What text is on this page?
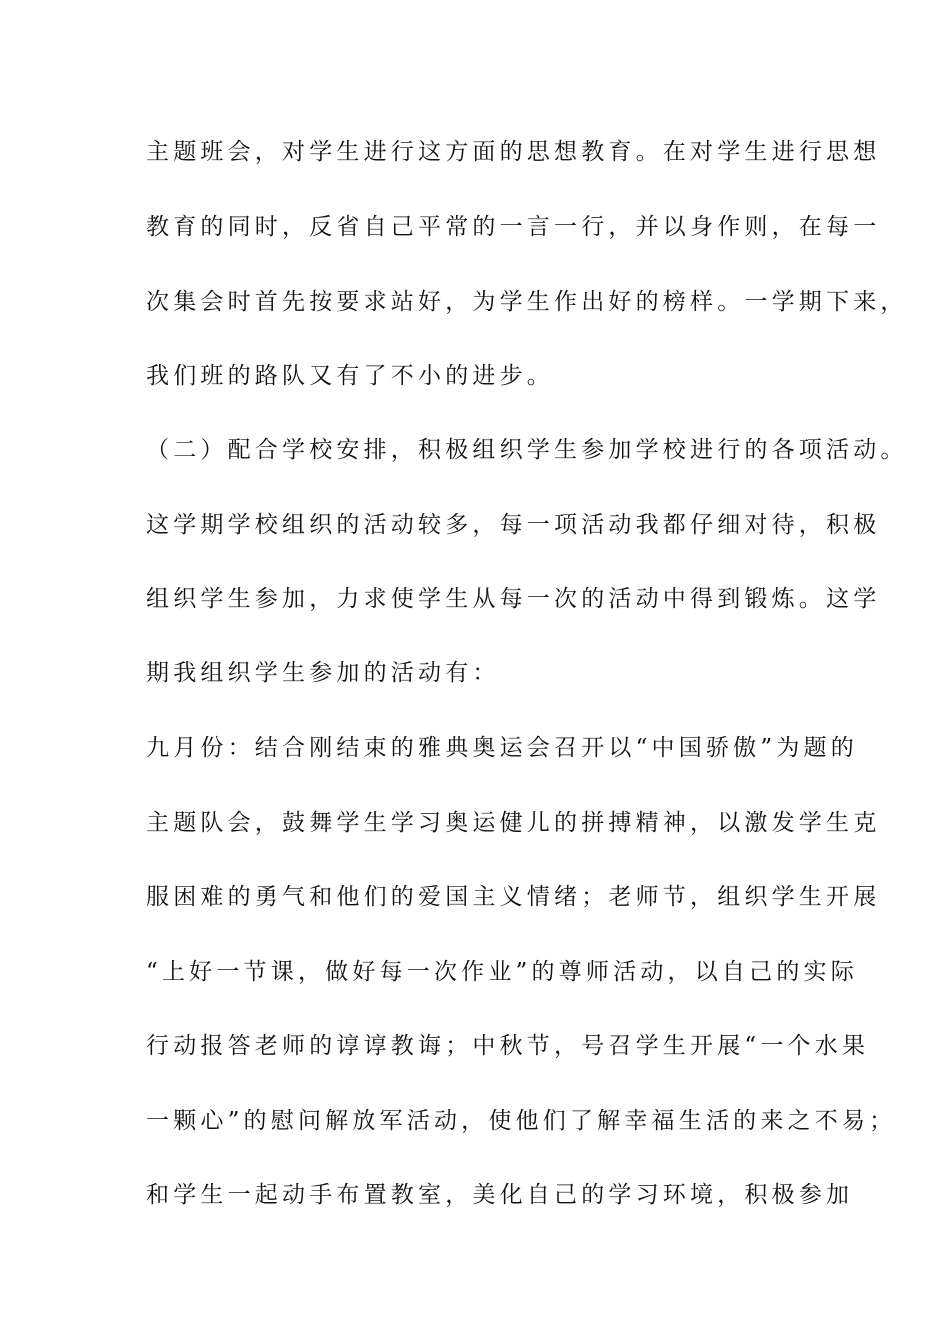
主题班会，对学生进行这方面的思想教育。在对学生进行思想
教育的同时，反省自己平常的一言一行，并以身作则，在每一
次集会时首先按要求站好，为学生作出好的榜样。一学期下来，
我们班的路队又有了不小的进步。
（二）配合学校安排，积极组织学生参加学校进行的各项活动。
这学期学校组织的活动较多，每一项活动我都仔细对待，积极
组织学生参加，力求使学生从每一次的活动中得到锻炼。这学
期我组织学生参加的活动有：
九月份：结合刚结束的雅典奥运会召开以“中国骄傲”为题的
主题队会，鼓舞学生学习奥运健儿的拼搏精神，以激发学生克
服困难的勇气和他们的爱国主义情绪；老师节，组织学生开展
“上好一节课，做好每一次作业”的尊师活动，以自己的实际
行动报答老师的谆谆教诲；中秋节，号召学生开展“一个水果
一颗心”的慰问解放军活动，使他们了解幸福生活的来之不易；
和学生一起动手布置教室，美化自己的学习环境，积极参加
